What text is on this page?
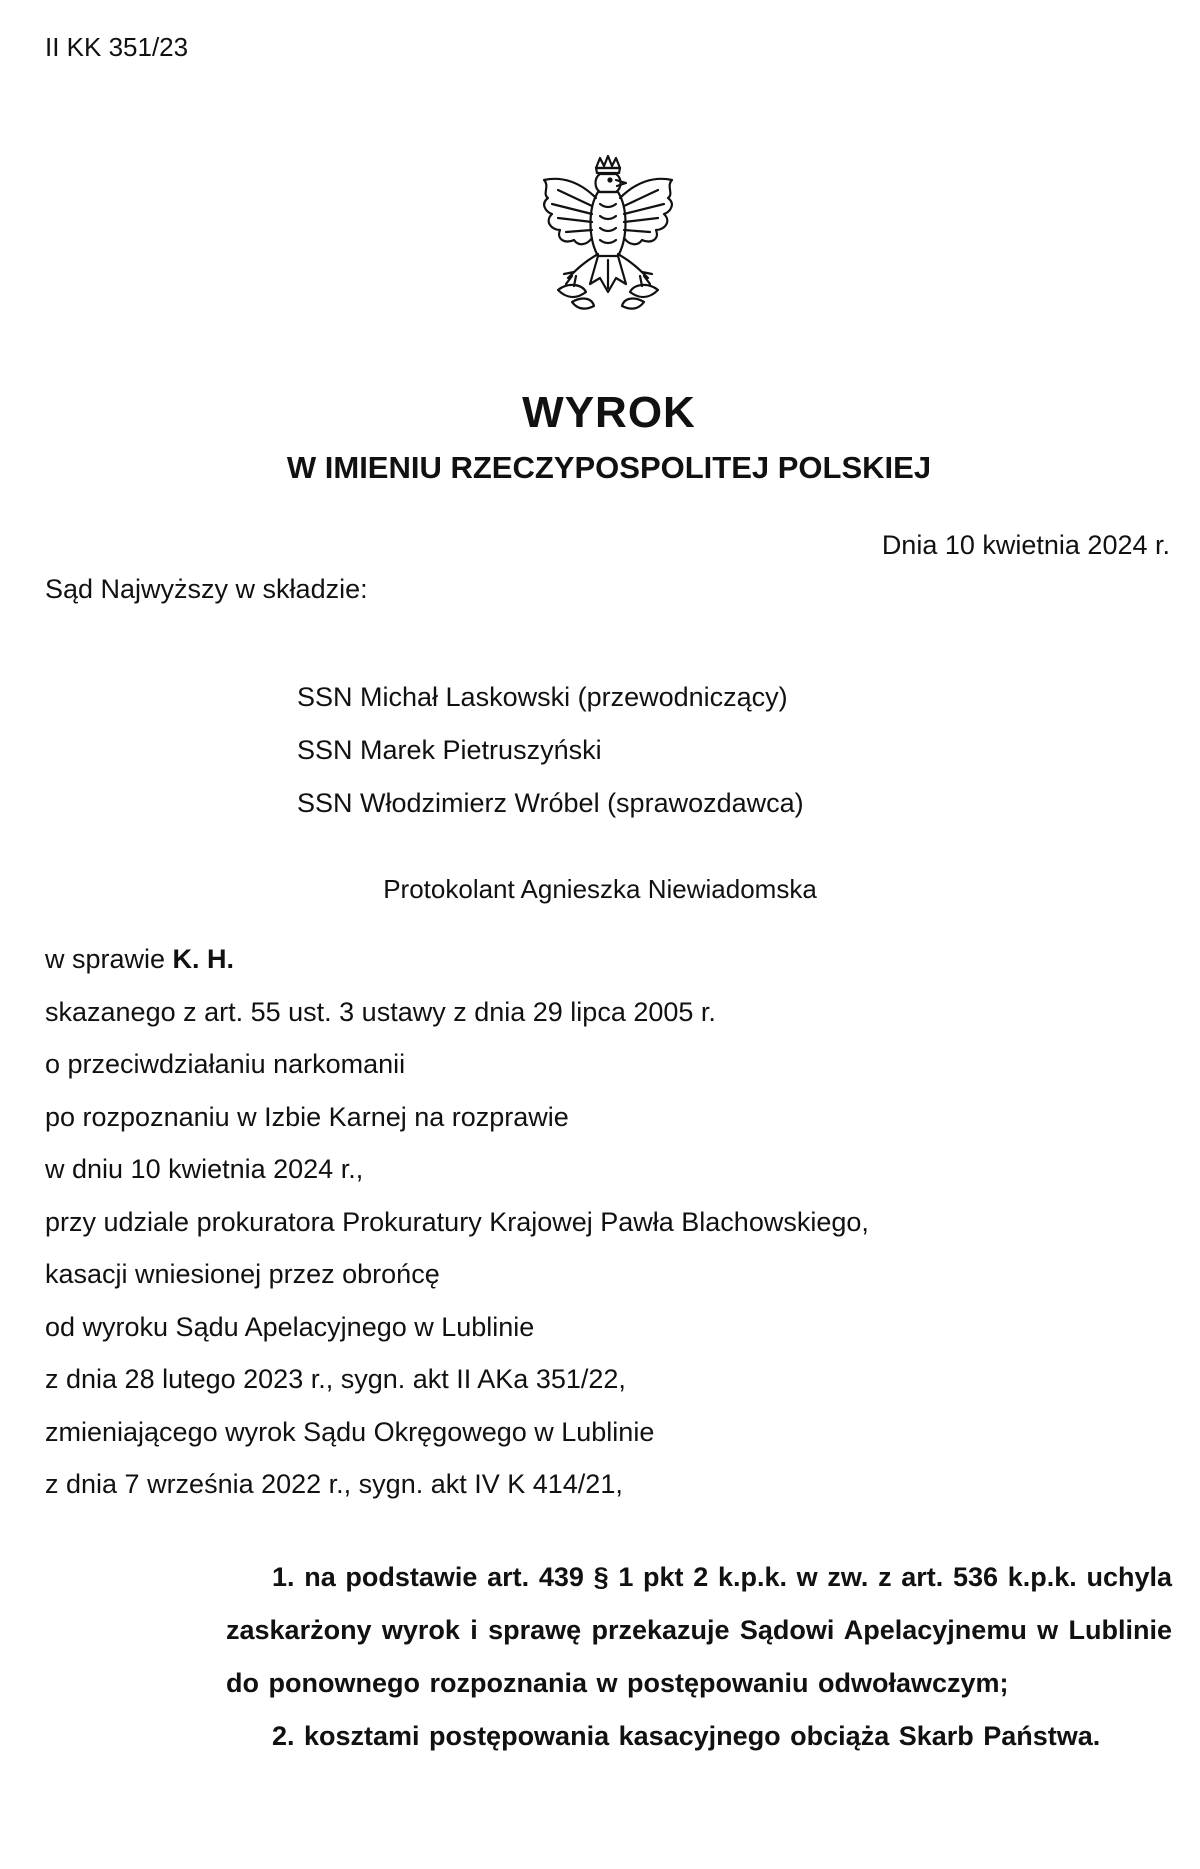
II KK 351/23
WYROK
W IMIENIU RZECZYPOSPOLITEJ POLSKIEJ
Dnia 10 kwietnia 2024 r.
Sąd Najwyższy w składzie:
SSN Michał Laskowski (przewodniczący)
SSN Marek Pietruszyński
SSN Włodzimierz Wróbel (sprawozdawca)
Protokolant Agnieszka Niewiadomska
w sprawie K. H.
skazanego z art. 55 ust. 3 ustawy z dnia 29 lipca 2005 r.
o przeciwdziałaniu narkomanii
po rozpoznaniu w Izbie Karnej na rozprawie
w dniu 10 kwietnia 2024 r.,
przy udziale prokuratora Prokuratury Krajowej Pawła Blachowskiego,
kasacji wniesionej przez obrońcę
od wyroku Sądu Apelacyjnego w Lublinie
z dnia 28 lutego 2023 r., sygn. akt II AKa 351/22,
zmieniającego wyrok Sądu Okręgowego w Lublinie
z dnia 7 września 2022 r., sygn. akt IV K 414/21,

1. na podstawie art. 439 § 1 pkt 2 k.p.k. w zw. z art. 536 k.p.k. uchyla zaskarżony wyrok i sprawę przekazuje Sądowi Apelacyjnemu w Lublinie do ponownego rozpoznania w postępowaniu odwoławczym;

2. kosztami postępowania kasacyjnego obciąża Skarb Państwa.
